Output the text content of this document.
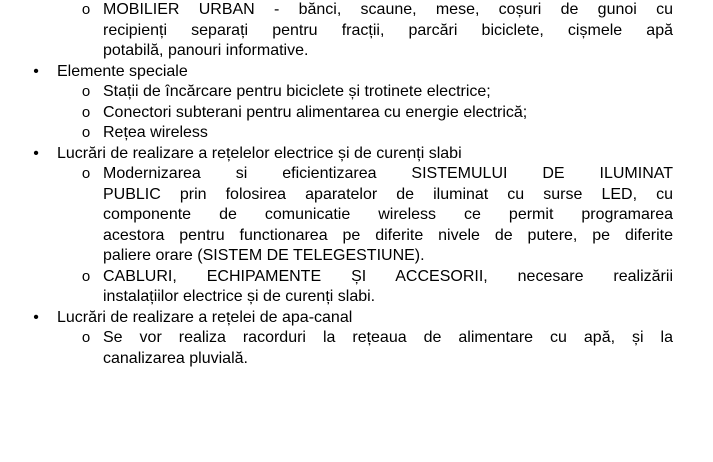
o MOBILIER URBAN - bănci, scaune, mese, coșuri de gunoi cu
recipienți separați pentru fracții, parcări biciclete, cișmele apă
potabilă, panouri informative.
• Elemente speciale
o Stații de încărcare pentru biciclete și trotinete electrice;
o Conectori subterani pentru alimentarea cu energie electrică;
o Rețea wireless
• Lucrări de realizare a rețelelor electrice și de curenți slabi
o Modernizarea si eficientizarea SISTEMULUI DE ILUMINAT
PUBLIC prin folosirea aparatelor de iluminat cu surse LED, cu
componente de comunicatie wireless ce permit programarea
acestora pentru functionarea pe diferite nivele de putere, pe diferite
paliere orare (SISTEM DE TELEGESTIUNE).
o CABLURI, ECHIPAMENTE ȘI ACCESORII, necesare realizării
instalațiilor electrice și de curenți slabi.
• Lucrări de realizare a rețelei de apa-canal
o Se vor realiza racorduri la rețeaua de alimentare cu apă, și la
canalizarea pluvială.
